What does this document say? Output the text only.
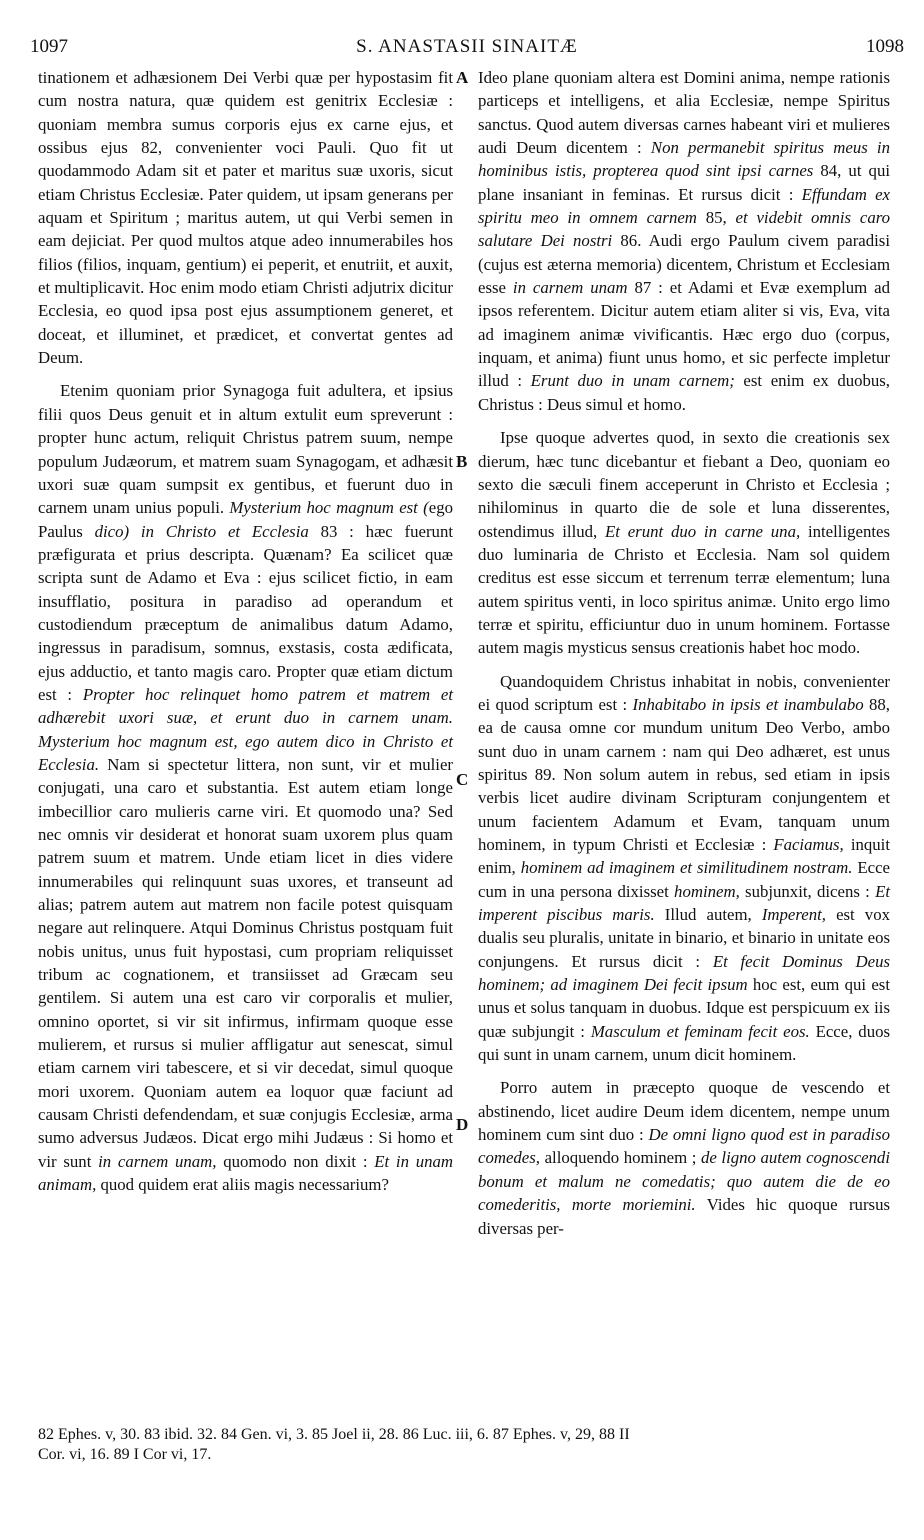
1097	S. ANASTASII SINAITÆ	1098

tinationem et adhæsionem Dei Verbi quæ per hypostasim fit cum nostra natura, quæ quidem est genitrix Ecclesiæ : quoniam membra sumus corporis ejus ex carne ejus, et ossibus ejus 82, convenienter voci Pauli. Quo fit ut quodammodo Adam sit et pater et maritus suæ uxoris, sicut etiam Christus Ecclesiæ. Pater quidem, ut ipsam generans per aquam et Spiritum ; maritus autem, ut qui Verbi semen in eam dejiciat. Per quod multos atque adeo innumerabiles hos filios (filios, inquam, gentium) ei peperit, et enutriit, et auxit, et multiplicavit. Hoc enim modo etiam Christi adjutrix dicitur Ecclesia, eo quod ipsa post ejus assumptionem generet, et doceat, et illuminet, et prædicet, et convertat gentes ad Deum.

Etenim quoniam prior Synagoga fuit adultera, et ipsius filii quos Deus genuit et in altum extulit eum spreverunt : propter hunc actum, reliquit Christus patrem suum, nempe populum Judæorum, et matrem suam Synagogam, et adhæsit uxori suæ quam sumpsit ex gentibus, et fuerunt duo in carnem unam unius populi. Mysterium hoc magnum est (ego Paulus dico) in Christo et Ecclesia 83 : hæc fuerunt præfigurata et prius descripta. Quænam? Ea scilicet quæ scripta sunt de Adamo et Eva : ejus scilicet fictio, in eam insufflatio, positura in paradiso ad operandum et custodiendum præceptum de animalibus datum Adamo, ingressus in paradisum, somnus, exstasis, costa ædificata, ejus adductio, et tanto magis caro. Propter quæ etiam dictum est : Propter hoc relinquet homo patrem et matrem et adhærebit uxori suæ, et erunt duo in carnem unam. Mysterium hoc magnum est, ego autem dico in Christo et Ecclesia. Nam si spectetur littera, non sunt, vir et mulier conjugati, una caro et substantia. Est autem etiam longe imbecillior caro mulieris carne viri. Et quomodo una? Sed nec omnis vir desiderat et honorat suam uxorem plus quam patrem suum et matrem. Unde etiam licet in dies videre innumerabiles qui relinquunt suas uxores, et transeunt ad alias; patrem autem aut matrem non facile potest quisquam negare aut relinquere. Atqui Dominus Christus postquam fuit nobis unitus, unus fuit hypostasi, cum propriam reliquisset tribum ac cognationem, et transiisset ad Græcam seu gentilem. Si autem una est caro vir corporalis et mulier, omnino oportet, si vir sit infirmus, infirmam quoque esse mulierem, et rursus si mulier affligatur aut senescat, simul etiam carnem viri tabescere, et si vir decedat, simul quoque mori uxorem. Quoniam autem ea loquor quæ faciunt ad causam Christi defendendam, et suæ conjugis Ecclesiæ, arma sumo adversus Judæos. Dicat ergo mihi Judæus : Si homo et vir sunt in carnem unam, quomodo non dixit : Et in unam animam, quod quidem erat aliis magis necessarium?

A
B
C
D

Ideo plane quoniam altera est Domini anima, nempe rationis particeps et intelligens, et alia Ecclesiæ, nempe Spiritus sanctus. Quod autem diversas carnes habeant viri et mulieres audi Deum dicentem : Non permanebit spiritus meus in hominibus istis, propterea quod sint ipsi carnes 84, ut qui plane insaniant in feminas. Et rursus dicit : Effundam ex spiritu meo in omnem carnem 85, et videbit omnis caro salutare Dei nostri 86. Audi ergo Paulum civem paradisi (cujus est æterna memoria) dicentem, Christum et Ecclesiam esse in carnem unam 87 : et Adami et Evæ exemplum ad ipsos referentem. Dicitur autem etiam aliter si vis, Eva, vita ad imaginem animæ vivificantis. Hæc ergo duo (corpus, inquam, et anima) fiunt unus homo, et sic perfecte impletur illud : Erunt duo in unam carnem; est enim ex duobus, Christus : Deus simul et homo.

Ipse quoque advertes quod, in sexto die creationis sex dierum, hæc tunc dicebantur et fiebant a Deo, quoniam eo sexto die sæculi finem acceperunt in Christo et Ecclesia ; nihilominus in quarto die de sole et luna disserentes, ostendimus illud, Et erunt duo in carne una, intelligentes duo luminaria de Christo et Ecclesia. Nam sol quidem creditus est esse siccum et terrenum terræ elementum; luna autem spiritus venti, in loco spiritus animæ. Unito ergo limo terræ et spiritu, efficiuntur duo in unum hominem. Fortasse autem magis mysticus sensus creationis habet hoc modo.

Quandoquidem Christus inhabitat in nobis, convenienter ei quod scriptum est : Inhabitabo in ipsis et inambulabo 88, ea de causa omne cor mundum unitum Deo Verbo, ambo sunt duo in unam carnem : nam qui Deo adhæret, est unus spiritus 89. Non solum autem in rebus, sed etiam in ipsis verbis licet audire divinam Scripturam conjungentem et unum facientem Adamum et Evam, tanquam unum hominem, in typum Christi et Ecclesiæ : Faciamus, inquit enim, hominem ad imaginem et similitudinem nostram. Ecce cum in una persona dixisset hominem, subjunxit, dicens : Et imperent piscibus maris. Illud autem, Imperent, est vox dualis seu pluralis, unitate in binario, et binario in unitate eos conjungens. Et rursus dicit : Et fecit Dominus Deus hominem; ad imaginem Dei fecit ipsum hoc est, eum qui est unus et solus tanquam in duobus. Idque est perspicuum ex iis quæ subjungit : Masculum et feminam fecit eos. Ecce, duos qui sunt in unam carnem, unum dicit hominem.

Porro autem in præcepto quoque de vescendo et abstinendo, licet audire Deum idem dicentem, nempe unum hominem cum sint duo : De omni ligno quod est in paradiso comedes, alloquendo hominem ; de ligno autem cognoscendi bonum et malum ne comedatis; quo autem die de eo comederitis, morte moriemini. Vides hic quoque rursus diversas per-

82 Ephes. v, 30. 83 ibid. 32. 84 Gen. vi, 3. 85 Joel ii, 28. 86 Luc. iii, 6. 87 Ephes. v, 29, 88 II
Cor. vi, 16. 89 I Cor vi, 17.
